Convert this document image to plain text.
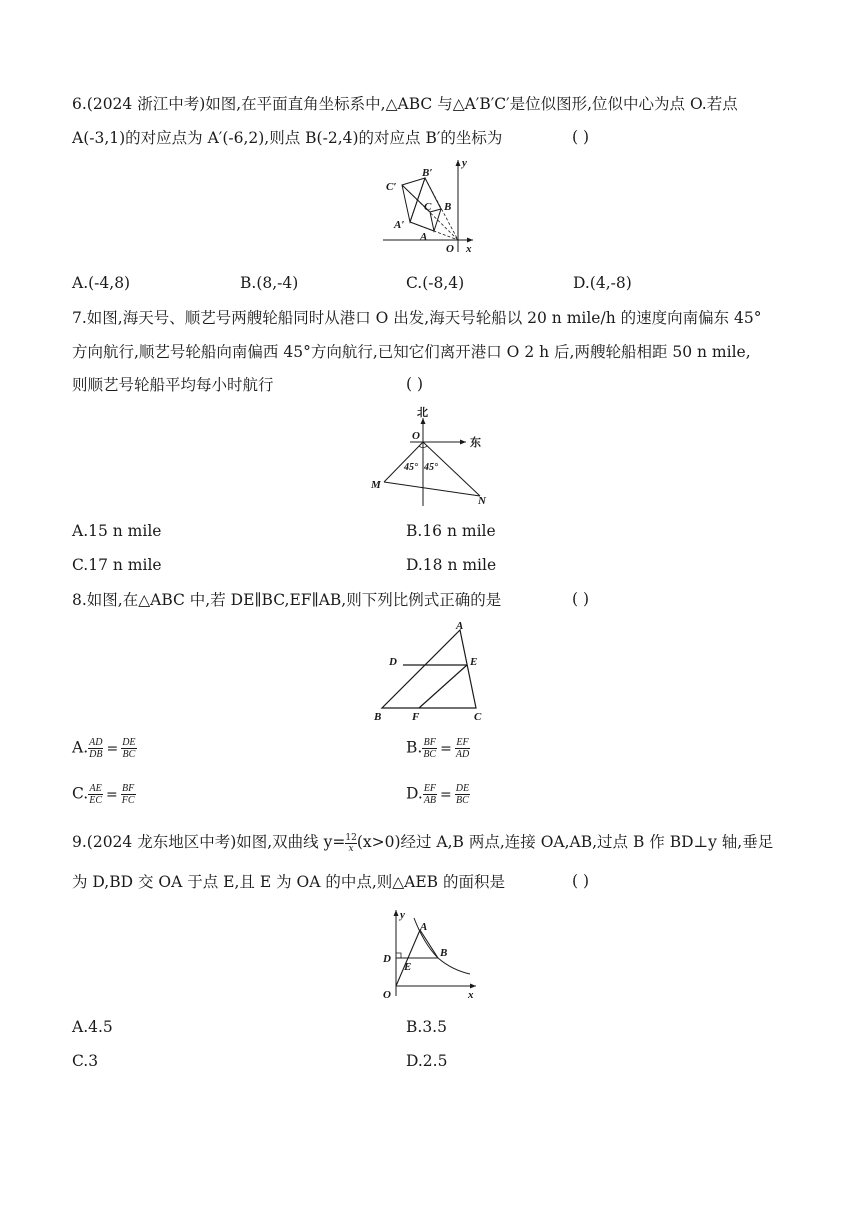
6.(2024 浙江中考)如图,在平面直角坐标系中,△ABC 与△A′B′C′是位似图形,位似中心为点 O.若点
A(-3,1)的对应点为 A′(-6,2),则点 B(-2,4)的对应点 B′的坐标为	( )
C′
B′
A′
C B
A
O x
y
A.(-4,8)	B.(8,-4)	C.(-8,4)	D.(4,-8)
7.如图,海天号、顺艺号两艘轮船同时从港口 O 出发,海天号轮船以 20 n mile/h 的速度向南偏东 45°
方向航行,顺艺号轮船向南偏西 45°方向航行,已知它们离开港口 O 2 h 后,两艘轮船相距 50 n mile,
则顺艺号轮船平均每小时航行	( )
北
东
O
45° 45°
M
N
A.15 n mile	B.16 n mile
C.17 n mile	D.18 n mile
8.如图,在△ABC 中,若 DE∥BC,EF∥AB,则下列比例式正确的是	( )
A
D	E
B	F	C
A. $\frac{AD}{DB} = \frac{DE}{BC}$	B. $\frac{BF}{BC} = \frac{EF}{AD}$
C. $\frac{AE}{EC} = \frac{BF}{FC}$	D. $\frac{EF}{AB} = \frac{DE}{BC}$
9.(2024 龙东地区中考)如图,双曲线 $y= \frac{12}{x} (x>0)$经过 A,B 两点,连接 OA,AB,过点 B 作 BD⊥y 轴,垂足
为 D,BD 交 OA 于点 E,且 E 为 OA 的中点,则△AEB 的面积是	( )
y
A
D	B
E
O	x
A.4.5	B.3.5
C.3	D.2.5
